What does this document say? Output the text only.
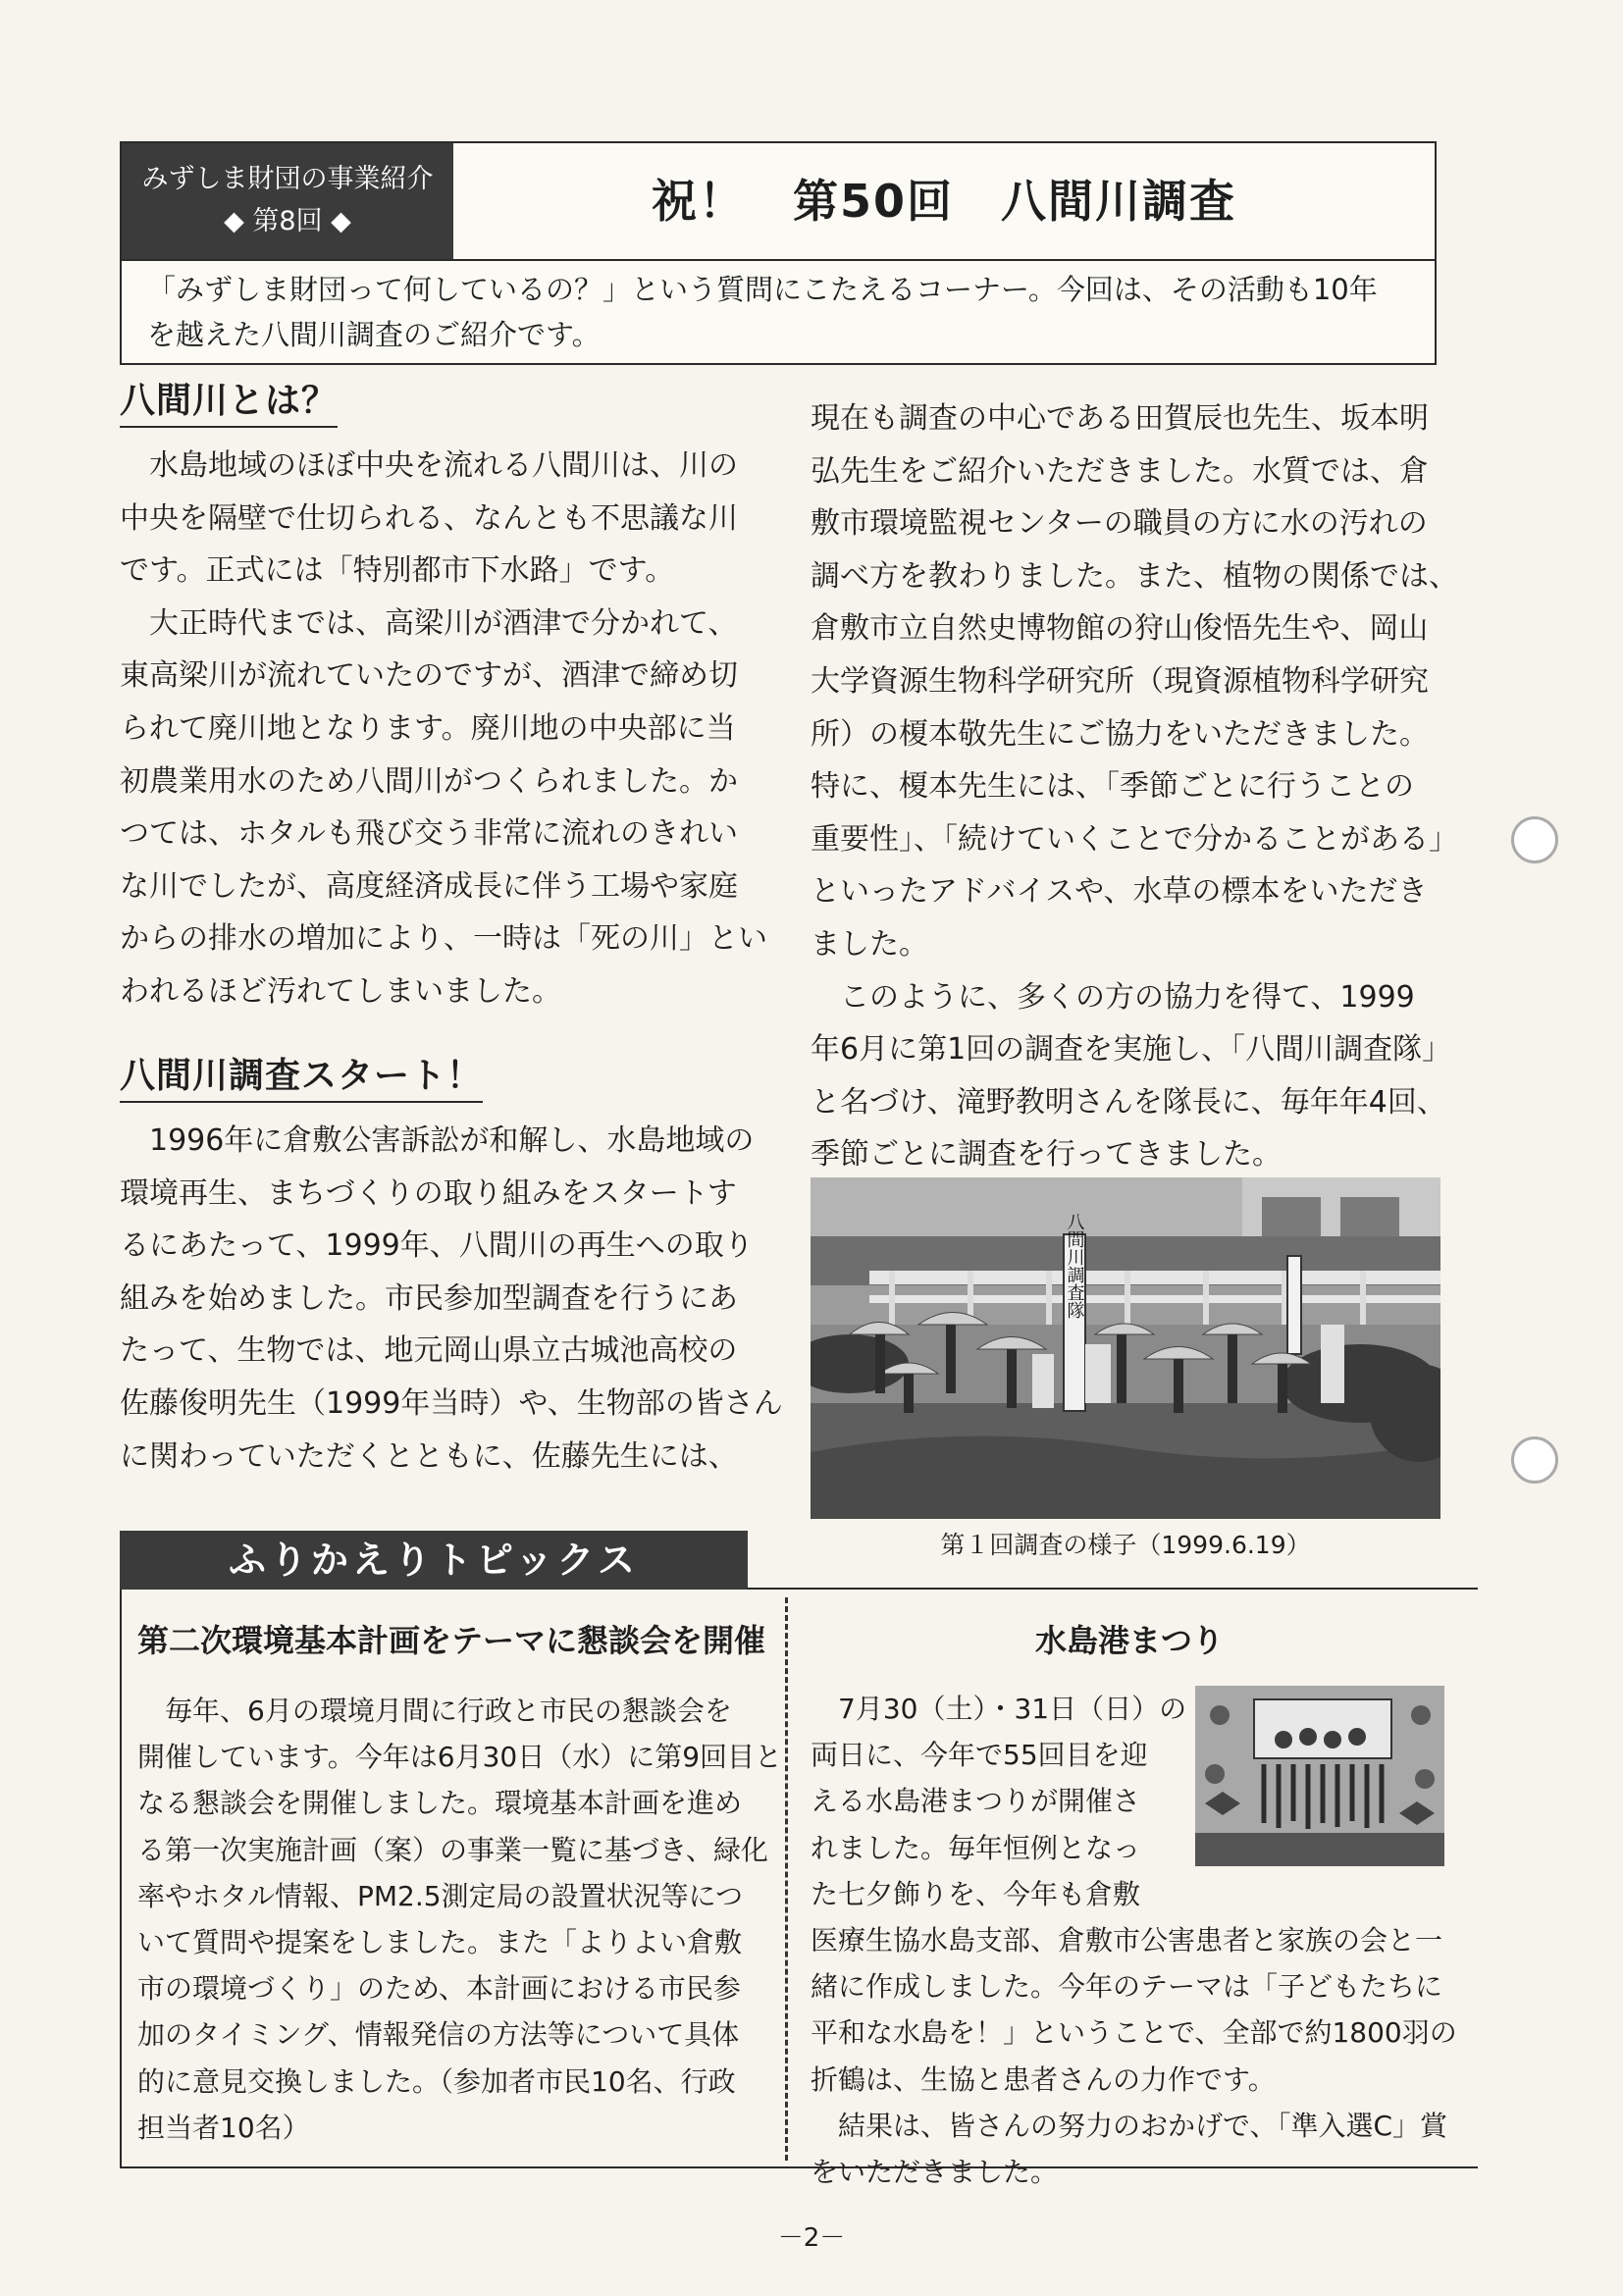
みずしま財団の事業紹介
◆ 第8回 ◆	祝！　第50回　八間川調査
「みずしま財団って何しているの？」という質問にこたえるコーナー。今回は、その活動も10年
を越えた八間川調査のご紹介です。
八間川とは？
　水島地域のほぼ中央を流れる八間川は、川の
中央を隔壁で仕切られる、なんとも不思議な川
です。正式には「特別都市下水路」です。
　大正時代までは、高梁川が酒津で分かれて、
東高梁川が流れていたのですが、酒津で締め切
られて廃川地となります。廃川地の中央部に当
初農業用水のため八間川がつくられました。か
つては、ホタルも飛び交う非常に流れのきれい
な川でしたが、高度経済成長に伴う工場や家庭
からの排水の増加により、一時は「死の川」とい
われるほど汚れてしまいました。
八間川調査スタート！
　1996年に倉敷公害訴訟が和解し、水島地域の
環境再生、まちづくりの取り組みをスタートす
るにあたって、1999年、八間川の再生への取り
組みを始めました。市民参加型調査を行うにあ
たって、生物では、地元岡山県立古城池高校の
佐藤俊明先生（1999年当時）や、生物部の皆さん
に関わっていただくとともに、佐藤先生には、
現在も調査の中心である田賀辰也先生、坂本明
弘先生をご紹介いただきました。水質では、倉
敷市環境監視センターの職員の方に水の汚れの
調べ方を教わりました。また、植物の関係では、
倉敷市立自然史博物館の狩山俊悟先生や、岡山
大学資源生物科学研究所（現資源植物科学研究
所）の榎本敬先生にご協力をいただきました。
特に、榎本先生には、「季節ごとに行うことの
重要性」、「続けていくことで分かることがある」
といったアドバイスや、水草の標本をいただき
ました。
　このように、多くの方の協力を得て、1999
年6月に第1回の調査を実施し、「八間川調査隊」
と名づけ、滝野教明さんを隊長に、毎年年4回、
季節ごとに調査を行ってきました。
八間川調査隊
第１回調査の様子（1999.6.19）
ふりかえりトピックス
第二次環境基本計画をテーマに懇談会を開催
　毎年、6月の環境月間に行政と市民の懇談会を
開催しています。今年は6月30日（水）に第9回目と
なる懇談会を開催しました。環境基本計画を進め
る第一次実施計画（案）の事業一覧に基づき、緑化
率やホタル情報、PM2.5測定局の設置状況等につ
いて質問や提案をしました。また「よりよい倉敷
市の環境づくり」のため、本計画における市民参
加のタイミング、情報発信の方法等について具体
的に意見交換しました。（参加者市民10名、行政
担当者10名）
水島港まつり
　7月30（土）・31日（日）の
両日に、今年で55回目を迎
える水島港まつりが開催さ
れました。毎年恒例となっ
た七夕飾りを、今年も倉敷
医療生協水島支部、倉敷市公害患者と家族の会と一
緒に作成しました。今年のテーマは「子どもたちに
平和な水島を！」ということで、全部で約1800羽の
折鶴は、生協と患者さんの力作です。
　結果は、皆さんの努力のおかげで、「準入選C」賞
をいただきました。
－2－
